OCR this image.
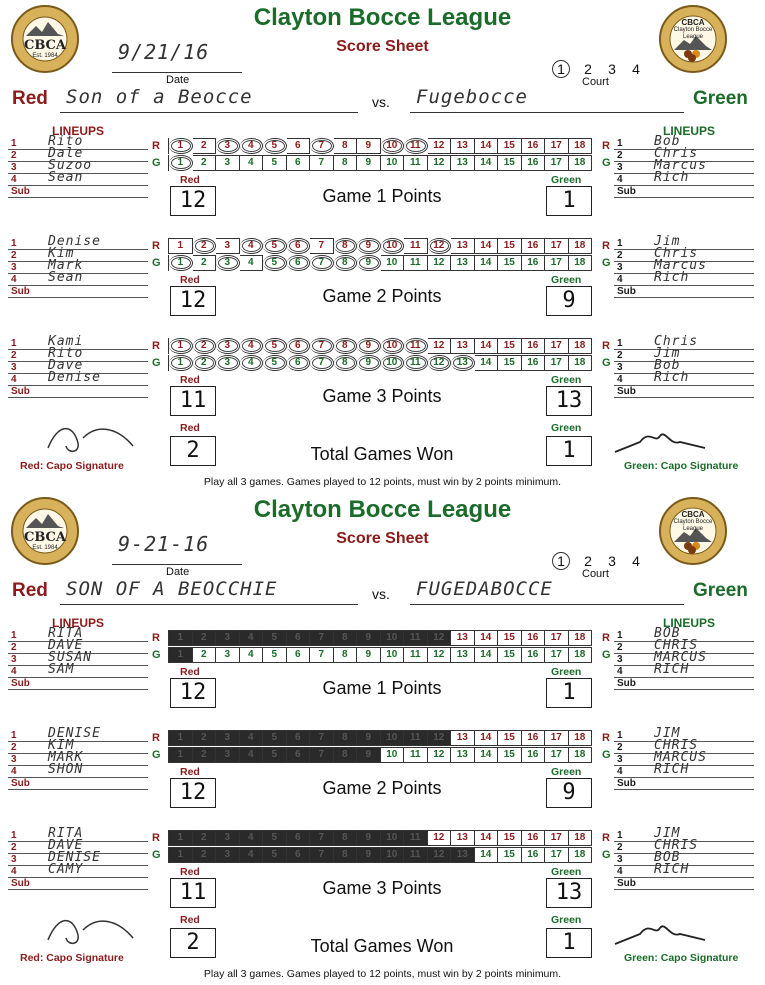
CBCA
Est. 1984
CBCA
Clayton Bocce League
Clayton Bocce League
Score Sheet
9/21/16
Date
1 2 3 4
Court
Red Son of a Beocce	vs. Fugebocce	Green
LINEUPS	LINEUPS
1 Rito
2 Dale
3 Suzoo
4 Sean
Sub
1 Bob
2 Chris
3 Marcus
4 Rich
Sub
R	1	2	3	4	5	6	7	8	9	10	11	12	13	14	15	16	17	18	R
G	1	2	3	4	5	6	7	8	9	10	11	12	13	14	15	16	17	18	G
Red
12	Game 1 Points
Green
1
1 Denise
2 Kim
3 Mark
4 Sean
Sub
1 Jim
2 Chris
3 Marcus
4 Rich
Sub
R	1	2	3	4	5	6	7	8	9	10	11	12	13	14	15	16	17	18	R
G	1	2	3	4	5	6	7	8	9	10	11	12	13	14	15	16	17	18	G
Red
12	Game 2 Points
Green
9
1 Kami
2 Rito
3 Dave
4 Denise
Sub
1 Chris
2 Jim
3 Bob
4 Rich
Sub
R	1	2	3	4	5	6	7	8	9	10	11	12	13	14	15	16	17	18	R
G	1	2	3	4	5	6	7	8	9	10	11	12	13	14	15	16	17	18	G
Red
11	Game 3 Points
Green
13
Red
2	Total Games Won
Green
1
Red: Capo Signature	Green: Capo Signature
Play all 3 games. Games played to 12 points, must win by 2 points minimum.
CBCA
Est. 1984
CBCA
Clayton Bocce League
Clayton Bocce League
Score Sheet
9-21-16
Date
1 2 3 4
Court
Red SON OF A BEOCCHIE	vs. FUGEDABOCCE	Green
LINEUPS	LINEUPS
1 RITA
2 DAVE
3 SUSAN
4 SAM
Sub
1 BOB
2 CHRIS
3 MARCUS
4 RICH
Sub
R	1	2	3	4	5	6	7	8	9	10	11	12	13	14	15	16	17	18	R
G	1	2	3	4	5	6	7	8	9	10	11	12	13	14	15	16	17	18	G
Red
12	Game 1 Points
Green
1
1 DENISE
2 KIM
3 MARK
4 SHON
Sub
1 JIM
2 CHRIS
3 MARCUS
4 RICH
Sub
R	1	2	3	4	5	6	7	8	9	10	11	12	13	14	15	16	17	18	R
G	1	2	3	4	5	6	7	8	9	10	11	12	13	14	15	16	17	18	G
Red
12	Game 2 Points
Green
9
1 RITA
2 DAVE
3 DENISE
4 CAMY
Sub
1 JIM
2 CHRIS
3 BOB
4 RICH
Sub
R	1	2	3	4	5	6	7	8	9	10	11	12	13	14	15	16	17	18	R
G	1	2	3	4	5	6	7	8	9	10	11	12	13	14	15	16	17	18	G
Red
11	Game 3 Points
Green
13
Red
2	Total Games Won
Green
1
Red: Capo Signature	Green: Capo Signature
Play all 3 games. Games played to 12 points, must win by 2 points minimum.
